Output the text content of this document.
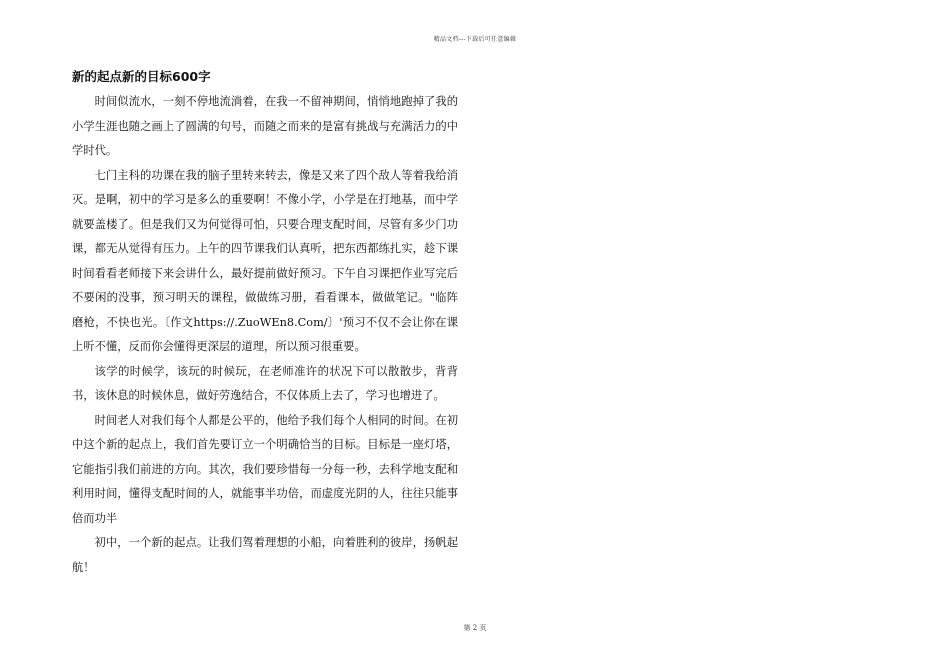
精品文档---下载后可任意编辑
新的起点新的目标600字

时间似流水，一刻不停地流淌着，在我一不留神期间，悄悄地跑掉了我的小学生涯也随之画上了圆满的句号，而随之而来的是富有挑战与充满活力的中学时代。

七门主科的功课在我的脑子里转来转去，像是又来了四个敌人等着我给消灭。是啊，初中的学习是多么的重要啊！不像小学，小学是在打地基，而中学就要盖楼了。但是我们又为何觉得可怕，只要合理支配时间，尽管有多少门功课，都无从觉得有压力。上午的四节课我们认真听，把东西都练扎实，趁下课时间看看老师接下来会讲什么，最好提前做好预习。下午自习课把作业写完后不要闲的没事，预习明天的课程，做做练习册，看看课本，做做笔记。"临阵磨枪，不快也光。〔作文https://.ZuoWEn8.Com/〕'预习不仅不会让你在课上听不懂，反而你会懂得更深层的道理，所以预习很重要。

该学的时候学，该玩的时候玩，在老师准许的状况下可以散散步，背背书，该休息的时候休息，做好劳逸结合，不仅体质上去了，学习也增进了。

时间老人对我们每个人都是公平的，他给予我们每个人相同的时间。在初中这个新的起点上，我们首先要订立一个明确恰当的目标。目标是一座灯塔，它能指引我们前进的方向。其次，我们要珍惜每一分每一秒，去科学地支配和利用时间，懂得支配时间的人，就能事半功倍，而虚度光阴的人，往往只能事倍而功半

初中，一个新的起点。让我们驾着理想的小船，向着胜利的彼岸，扬帆起航！

第 2 页
